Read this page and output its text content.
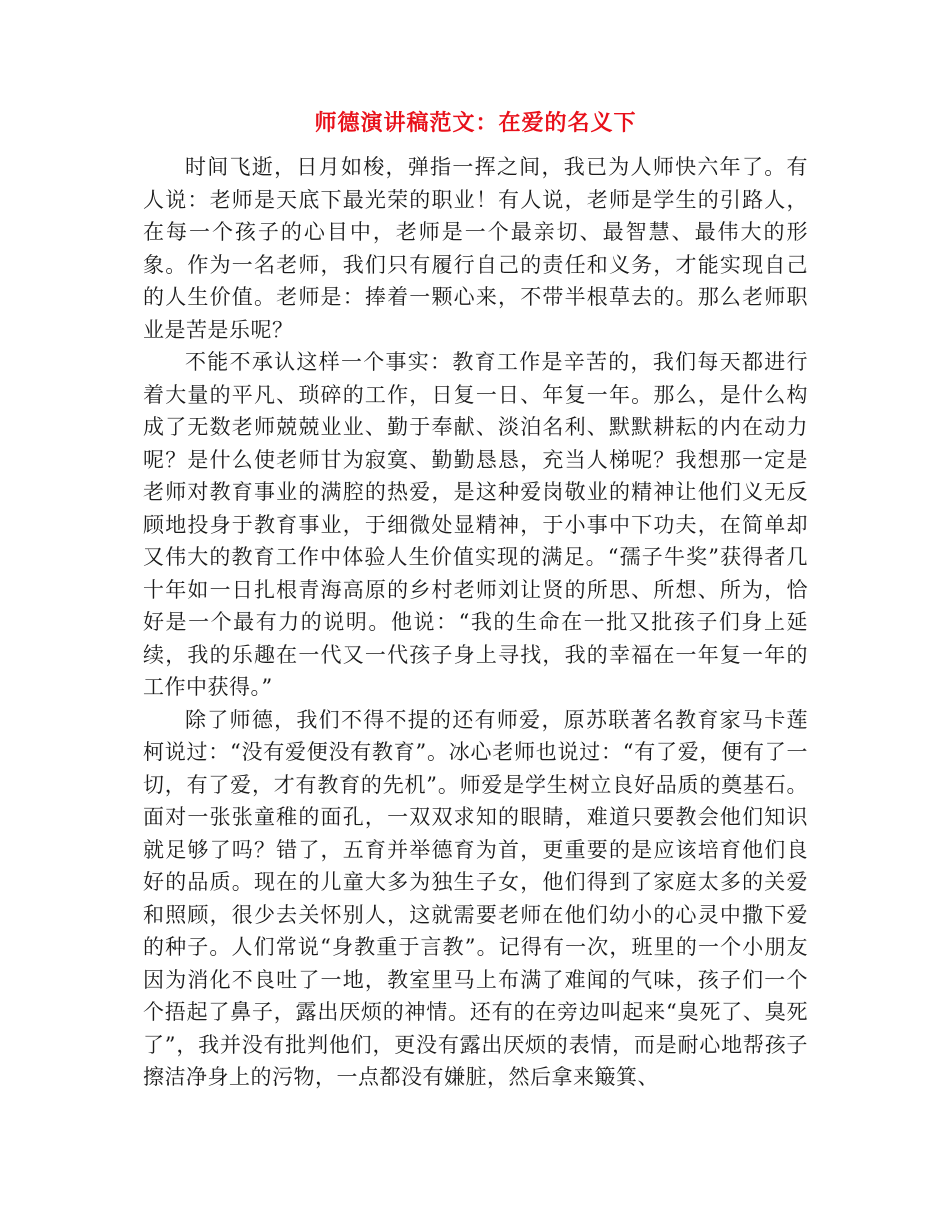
师德演讲稿范文：在爱的名义下

时间飞逝，日月如梭，弹指一挥之间，我已为人师快六年了。有人说：老师是天底下最光荣的职业！有人说，老师是学生的引路人，在每一个孩子的心目中，老师是一个最亲切、最智慧、最伟大的形象。作为一名老师，我们只有履行自己的责任和义务，才能实现自己的人生价值。老师是：捧着一颗心来，不带半根草去的。那么老师职业是苦是乐呢？

不能不承认这样一个事实：教育工作是辛苦的，我们每天都进行着大量的平凡、琐碎的工作，日复一日、年复一年。那么，是什么构成了无数老师兢兢业业、勤于奉献、淡泊名利、默默耕耘的内在动力呢？是什么使老师甘为寂寞、勤勤恳恳，充当人梯呢？我想那一定是老师对教育事业的满腔的热爱，是这种爱岗敬业的精神让他们义无反顾地投身于教育事业，于细微处显精神，于小事中下功夫，在简单却又伟大的教育工作中体验人生价值实现的满足。“孺子牛奖”获得者几十年如一日扎根青海高原的乡村老师刘让贤的所思、所想、所为，恰好是一个最有力的说明。他说：“我的生命在一批又批孩子们身上延续，我的乐趣在一代又一代孩子身上寻找，我的幸福在一年复一年的工作中获得。”

除了师德，我们不得不提的还有师爱，原苏联著名教育家马卡莲柯说过：“没有爱便没有教育”。冰心老师也说过：“有了爱，便有了一切，有了爱，才有教育的先机”。师爱是学生树立良好品质的奠基石。面对一张张童稚的面孔，一双双求知的眼睛，难道只要教会他们知识就足够了吗？错了，五育并举德育为首，更重要的是应该培育他们良好的品质。现在的儿童大多为独生子女，他们得到了家庭太多的关爱和照顾，很少去关怀别人，这就需要老师在他们幼小的心灵中撒下爱的种子。人们常说“身教重于言教”。记得有一次，班里的一个小朋友因为消化不良吐了一地，教室里马上布满了难闻的气味，孩子们一个个捂起了鼻子，露出厌烦的神情。还有的在旁边叫起来“臭死了、臭死了”，我并没有批判他们，更没有露出厌烦的表情，而是耐心地帮孩子擦洁净身上的污物，一点都没有嫌脏，然后拿来簸箕、
